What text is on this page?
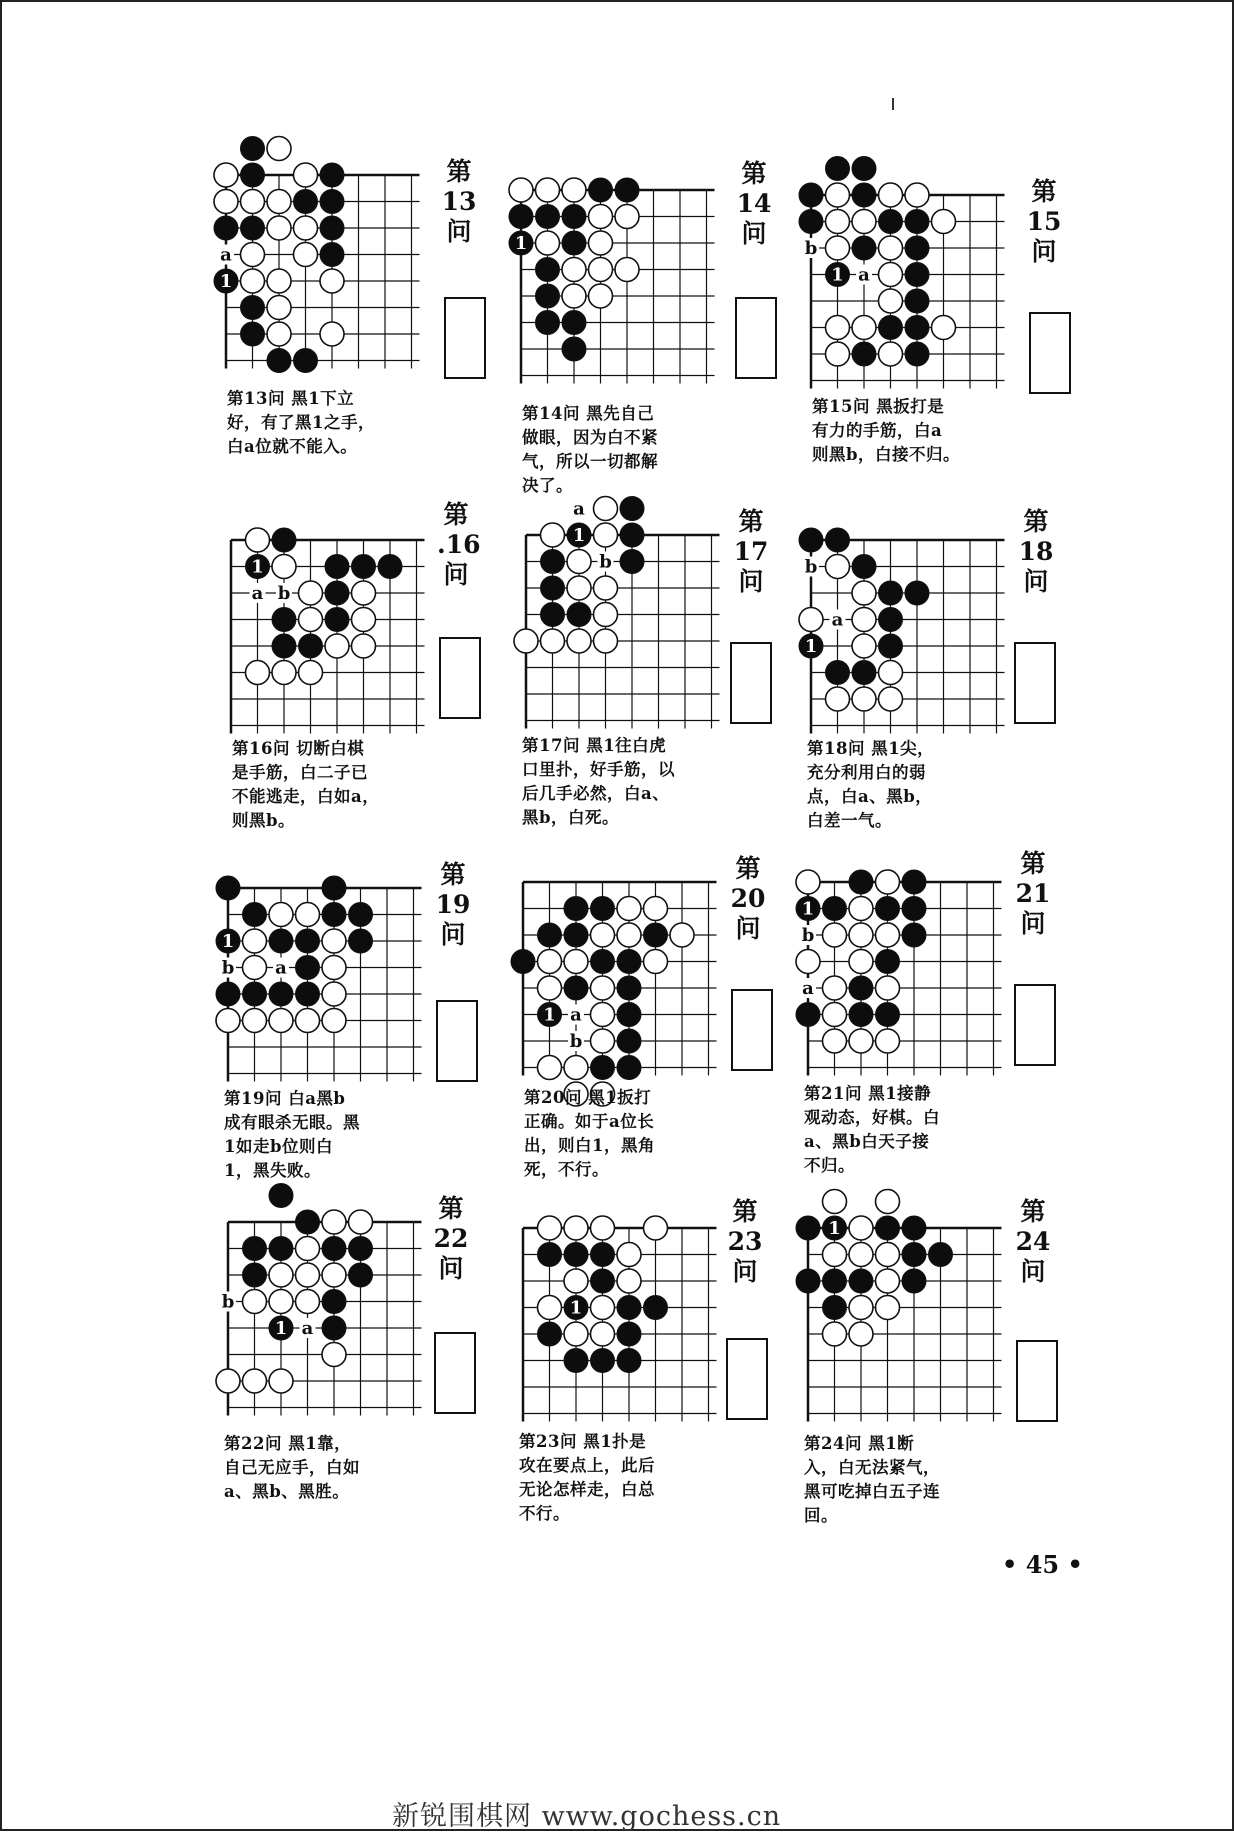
1
a
第 13 问
第13问 黑1下立
好，有了黑1之手，
白a位就不能入。
1
第 14 问
第14问 黑先自己
做眼，因为白不紧
气，所以一切都解
决了。
1 a
b
第 15 问
第15问 黑扳打是
有力的手筋，白a
则黑b，白接不归。
1
a b
第 .16 问
第16问 切断白棋
是手筋，白二子已
不能逃走，白如a，
则黑b。
1
a
b
第 17 问
第17问 黑1往白虎
口里扑，好手筋，以
后几手必然，白a、
黑b，白死。
1
a
b
第 18 问
第18问 黑1尖，
充分利用白的弱
点，白a、黑b，
白差一气。
1
b a
第 19 问
第19问 白a黑b
成有眼杀无眼。黑
1如走b位则白
1，黑失败。
1 a
b
第 20 问
第20问 黑1扳打
正确。如于a位长
出，则白1，黑角
死，不行。
1
b
a
第 21 问
第21问 黑1接静
观动态，好棋。白
a、黑b白天子接
不归。
1 a
b
第 22 问
第22问 黑1靠，
自己无应手，白如
a、黑b、黑胜。
1
第 23 问
第23问 黑1扑是
攻在要点上，此后
无论怎样走，白总
不行。
1
第 24 问
第24问 黑1断
入，白无法紧气，
黑可吃掉白五子连
回。
• 45 •
新锐围棋网 www.gochess.cn
